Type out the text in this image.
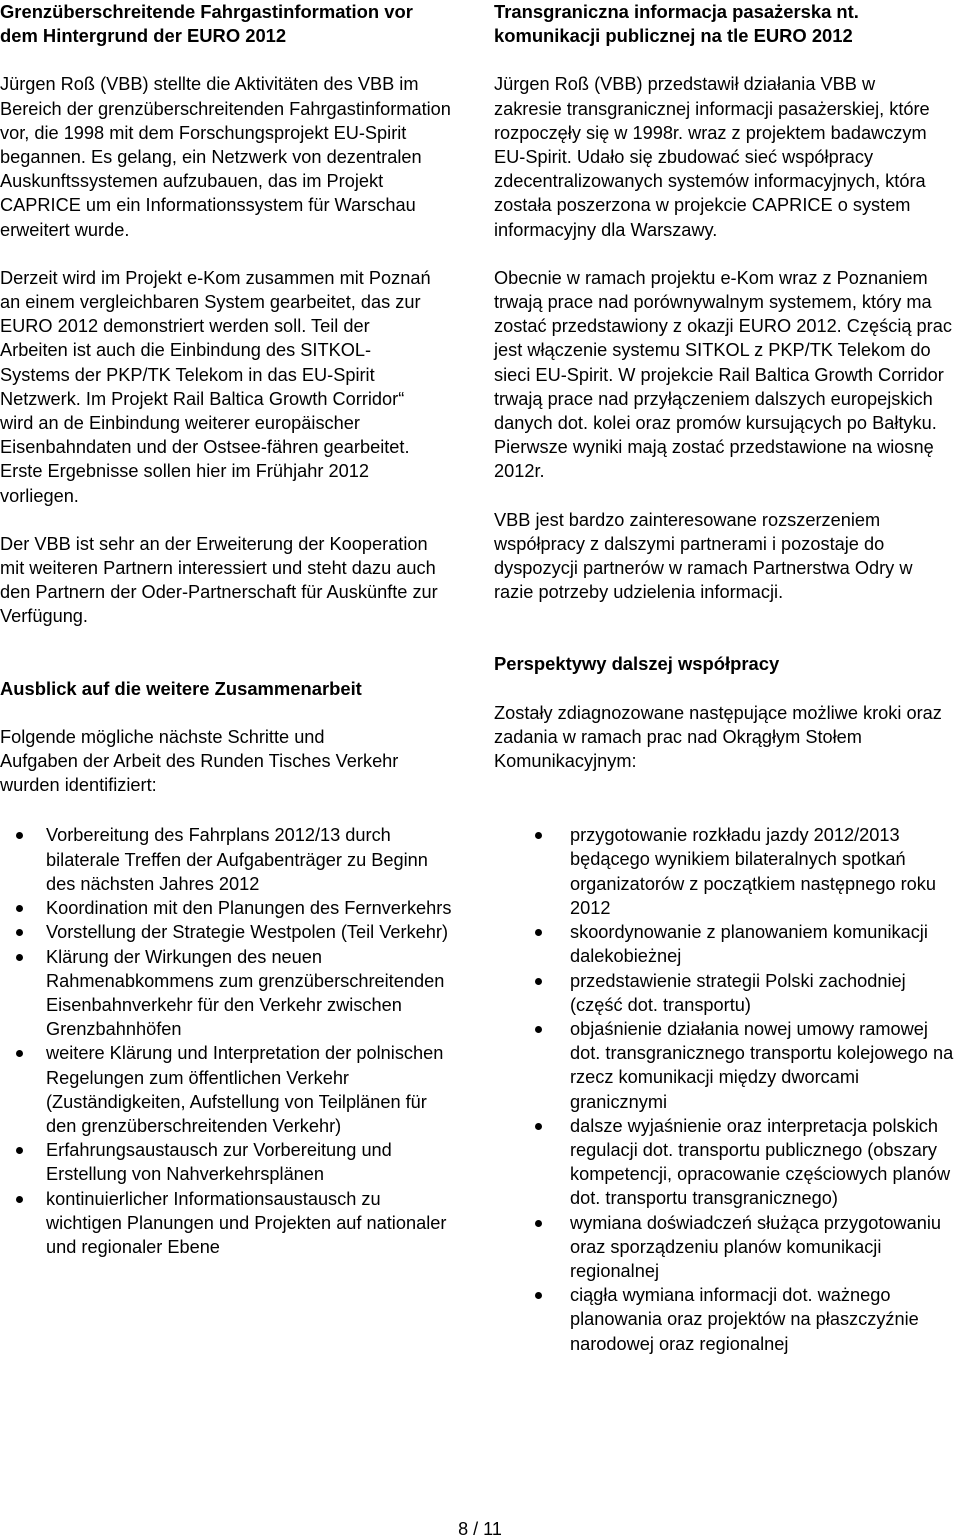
Grenzüberschreitende Fahrgastinformation vor dem Hintergrund der EURO 2012

Jürgen Roß (VBB) stellte die Aktivitäten des VBB im Bereich der grenzüberschreitenden Fahrgastinformation vor, die 1998 mit dem Forschungsprojekt EU-Spirit begannen. Es gelang, ein Netzwerk von dezentralen Auskunftssystemen aufzubauen, das im Projekt CAPRICE um ein Informationssystem für Warschau erweitert wurde.

Derzeit wird im Projekt e-Kom zusammen mit Poznań an einem vergleichbaren System gearbeitet, das zur EURO 2012 demonstriert werden soll. Teil der Arbeiten ist auch die Einbindung des SITKOL-Systems der PKP/TK Telekom in das EU-Spirit Netzwerk. Im Projekt Rail Baltica Growth Corridor“ wird an de Einbindung weiterer europäischer Eisenbahndaten und der Ostsee-fähren gearbeitet. Erste Ergebnisse sollen hier im Frühjahr 2012 vorliegen.

Der VBB ist sehr an der Erweiterung der Kooperation mit weiteren Partnern interessiert und steht dazu auch den Partnern der Oder-Partnerschaft für Auskünfte zur Verfügung.

Ausblick auf die weitere Zusammenarbeit

Folgende mögliche nächste Schritte und Aufgaben der Arbeit des Runden Tisches Verkehr wurden identifiziert:

Vorbereitung des Fahrplans 2012/13 durch bilaterale Treffen der Aufgabenträger zu Beginn des nächsten Jahres 2012
Koordination mit den Planungen des Fernverkehrs
Vorstellung der Strategie Westpolen (Teil Verkehr)
Klärung der Wirkungen des neuen Rahmenabkommens zum grenzüberschreitenden Eisenbahnverkehr für den Verkehr zwischen Grenzbahnhöfen
weitere Klärung und Interpretation der polnischen Regelungen zum öffentlichen Verkehr (Zuständigkeiten, Aufstellung von Teilplänen für den grenzüberschreitenden Verkehr)
Erfahrungsaustausch zur Vorbereitung und Erstellung von Nahverkehrsplänen
kontinuierlicher Informationsaustausch zu wichtigen Planungen und Projekten auf nationaler und regionaler Ebene
Transgraniczna informacja pasażerska nt. komunikacji publicznej na tle EURO 2012

Jürgen Roß (VBB) przedstawił działania VBB w zakresie transgranicznej informacji pasażerskiej, które rozpoczęły się w 1998r. wraz z projektem badawczym EU-Spirit. Udało się zbudować sieć współpracy zdecentralizowanych systemów informacyjnych, która została poszerzona w projekcie CAPRICE o system informacyjny dla Warszawy.

Obecnie w ramach projektu e-Kom wraz z Poznaniem trwają prace nad porównywalnym systemem, który ma zostać przedstawiony z okazji EURO 2012. Częścią prac jest włączenie systemu SITKOL z PKP/TK Telekom do sieci EU-Spirit. W projekcie Rail Baltica Growth Corridor trwają prace nad przyłączeniem dalszych europejskich danych dot. kolei oraz promów kursujących po Bałtyku. Pierwsze wyniki mają zostać przedstawione na wiosnę 2012r.

VBB jest bardzo zainteresowane rozszerzeniem współpracy z dalszymi partnerami i pozostaje do dyspozycji partnerów w ramach Partnerstwa Odry w razie potrzeby udzielenia informacji.

Perspektywy dalszej współpracy

Zostały zdiagnozowane następujące możliwe kroki oraz zadania w ramach prac nad Okrągłym Stołem Komunikacyjnym:

przygotowanie rozkładu jazdy 2012/2013 będącego wynikiem bilateralnych spotkań organizatorów z początkiem następnego roku 2012
skoordynowanie z planowaniem komunikacji dalekobieżnej
przedstawienie strategii Polski zachodniej (część dot. transportu)
objaśnienie działania nowej umowy ramowej dot. transgranicznego transportu kolejowego na rzecz komunikacji między dworcami granicznymi
dalsze wyjaśnienie oraz interpretacja polskich regulacji dot. transportu publicznego (obszary kompetencji, opracowanie częściowych planów dot. transportu transgranicznego)
wymiana doświadczeń służąca przygotowaniu oraz sporządzeniu planów komunikacji regionalnej
ciągła wymiana informacji dot. ważnego planowania oraz projektów na płaszczyźnie narodowej oraz regionalnej
8 / 11
